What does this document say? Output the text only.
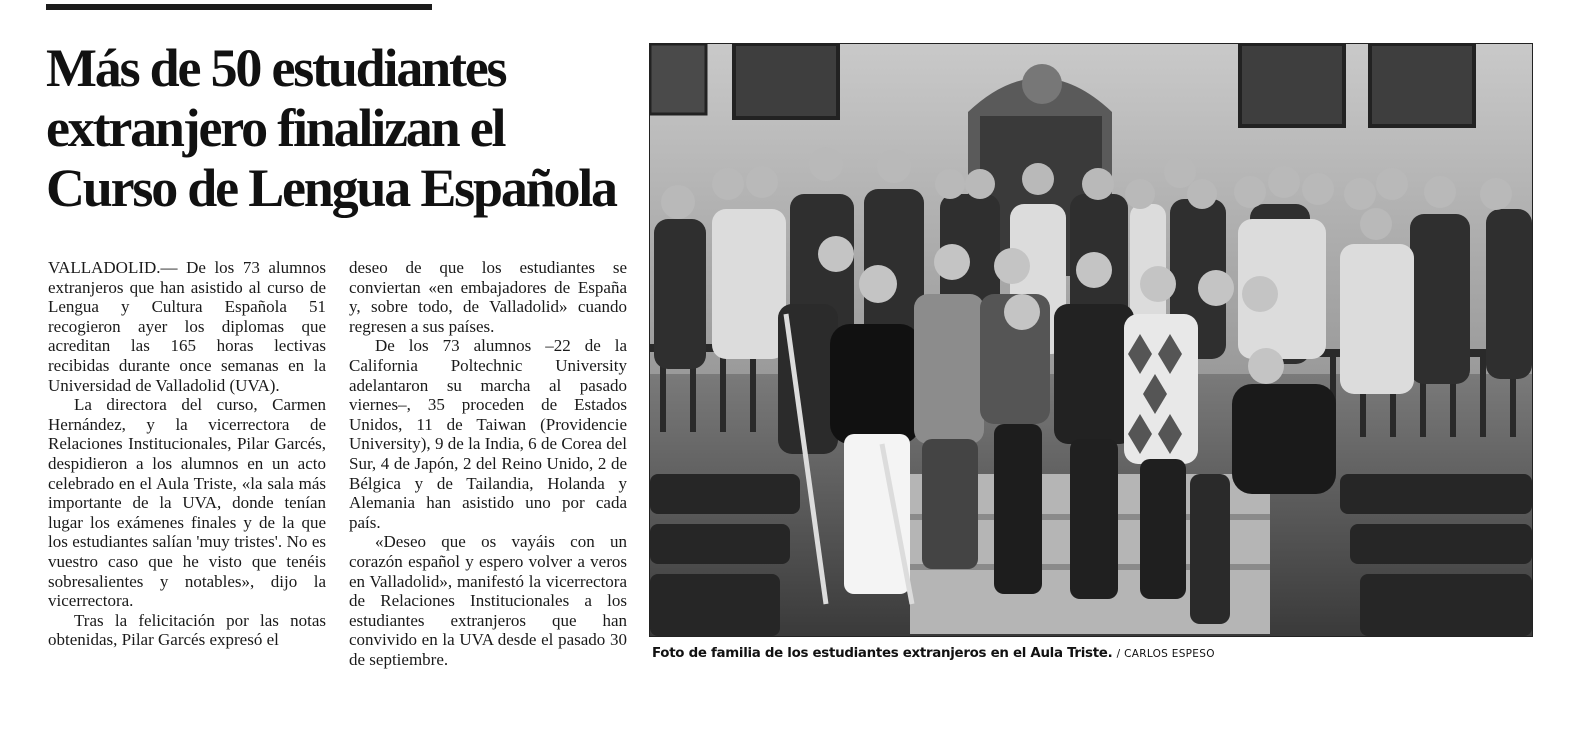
Más de 50 estudiantes
extranjero finalizan el
Curso de Lengua Española

VALLADOLID.— De los 73 alumnos extranjeros que han asistido al curso de Lengua y Cultura Española 51 recogieron ayer los diplomas que acreditan las 165 horas lectivas recibidas durante once semanas en la Universidad de Valladolid (UVA).

La directora del curso, Carmen Hernández, y la vicerrectora de Relaciones Institucionales, Pilar Garcés, despidieron a los alumnos en un acto celebrado en el Aula Triste, «la sala más importante de la UVA, donde tenían lugar los exámenes finales y de la que los estudiantes salían 'muy tristes'. No es vuestro caso que he visto que tenéis sobresalientes y notables», dijo la vicerrectora.

Tras la felicitación por las notas obtenidas, Pilar Garcés expresó el

deseo de que los estudiantes se conviertan «en embajadores de España y, sobre todo, de Valladolid» cuando regresen a sus países.

De los 73 alumnos –22 de la California Poltechnic University adelantaron su marcha al pasado viernes–, 35 proceden de Estados Unidos, 11 de Taiwan (Providencie University), 9 de la India, 6 de Corea del Sur, 4 de Japón, 2 del Reino Unido, 2 de Bélgica y de Tailandia, Holanda y Alemania han asistido uno por cada país.

«Deseo que os vayáis con un corazón español y espero volver a veros en Valladolid», manifestó la vicerrectora de Relaciones Institucionales a los estudiantes extranjeros que han convivido en la UVA desde el pasado 30 de septiembre.	Foto de familia de los estudiantes extranjeros en el Aula Triste. / CARLOS ESPESO
